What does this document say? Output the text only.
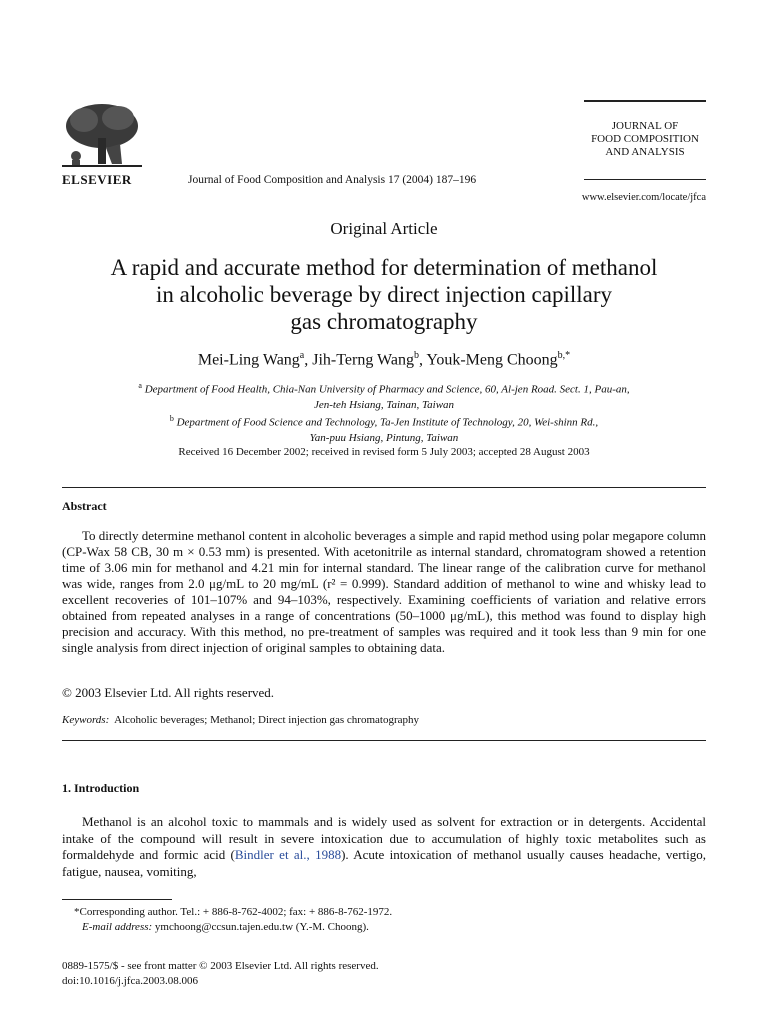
ELSEVIER	Journal of Food Composition and Analysis 17 (2004) 187–196
JOURNAL OF
FOOD COMPOSITION
AND ANALYSIS
www.elsevier.com/locate/jfca
Original Article
A rapid and accurate method for determination of methanol
in alcoholic beverage by direct injection capillary
gas chromatography
Mei-Ling Wang$^a$, Jih-Terng Wang$^b$, Youk-Meng Choong$^{b,*}$
$^a$ Department of Food Health, Chia-Nan University of Pharmacy and Science, 60, Al-jen Road. Sect. 1, Pau-an,
Jen-teh Hsiang, Tainan, Taiwan
$^b$ Department of Food Science and Technology, Ta-Jen Institute of Technology, 20, Wei-shinn Rd.,
Yan-puu Hsiang, Pintung, Taiwan
Received 16 December 2002; received in revised form 5 July 2003; accepted 28 August 2003
Abstract

To directly determine methanol content in alcoholic beverages a simple and rapid method using polar megapore column (CP-Wax 58 CB, 30 m × 0.53 mm) is presented. With acetonitrile as internal standard, chromatogram showed a retention time of 3.06 min for methanol and 4.21 min for internal standard. The linear range of the calibration curve for methanol was wide, ranges from 2.0 μg/mL to 20 mg/mL (r² = 0.999). Standard addition of methanol to wine and whisky lead to excellent recoveries of 101–107% and 94–103%, respectively. Examining coefficients of variation and relative errors obtained from repeated analyses in a range of concentrations (50–1000 μg/mL), this method was found to display high precision and accuracy. With this method, no pre-treatment of samples was required and it took less than 9 min for one single analysis from direct injection of original samples to obtaining data.

© 2003 Elsevier Ltd. All rights reserved.
Keywords: Alcoholic beverages; Methanol; Direct injection gas chromatography
1. Introduction

Methanol is an alcohol toxic to mammals and is widely used as solvent for extraction or in detergents. Accidental intake of the compound will result in severe intoxication due to accumulation of highly toxic metabolites such as formaldehyde and formic acid (Bindler et al., 1988). Acute intoxication of methanol usually causes headache, vertigo, fatigue, nausea, vomiting,

*Corresponding author. Tel.: + 886-8-762-4002; fax: + 886-8-762-1972.
E-mail address: ymchoong@ccsun.tajen.edu.tw (Y.-M. Choong).
0889-1575/$ - see front matter © 2003 Elsevier Ltd. All rights reserved.
doi:10.1016/j.jfca.2003.08.006
